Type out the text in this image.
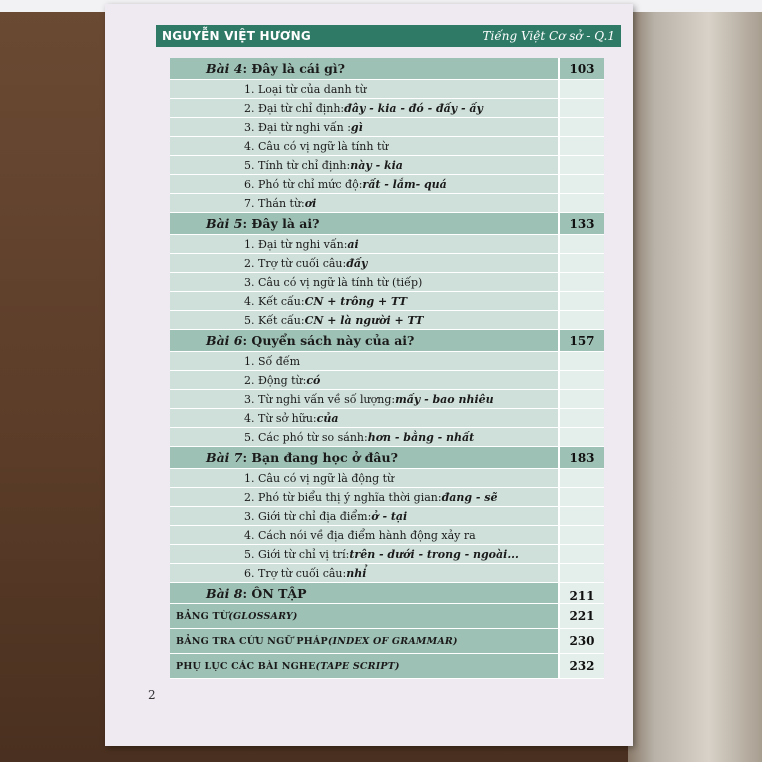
NGUYỄN VIỆT HƯƠNG	Tiếng Việt Cơ sở - Q.1
Bài 4 : Đây là cái gì?	103
1. Loại từ của danh từ
2. Đại từ chỉ định: đây - kia - đó - đấy - ấy
3. Đại từ nghi vấn : gì
4. Câu có vị ngữ là tính từ
5. Tính từ chỉ định: này - kia
6. Phó từ chỉ mức độ: rất - lắm- quá
7. Thán từ: ơi
Bài 5 : Đây là ai?	133
1. Đại từ nghi vấn: ai
2. Trợ từ cuối câu: đấy
3. Câu có vị ngữ là tính từ (tiếp)
4. Kết cấu: CN + trông + TT
5. Kết cấu: CN + là người + TT
Bài 6 : Quyển sách này của ai?	157
1. Số đếm
2. Động từ: có
3. Từ nghi vấn về số lượng: mấy - bao nhiêu
4. Từ sở hữu: của
5. Các phó từ so sánh: hơn - bằng - nhất
Bài 7 : Bạn đang học ở đâu?	183
1. Câu có vị ngữ là động từ
2. Phó từ biểu thị ý nghĩa thời gian: đang - sẽ
3. Giới từ chỉ địa điểm: ở - tại
4. Cách nói về địa điểm hành động xảy ra
5. Giới từ chỉ vị trí: trên - dưới - trong - ngoài...
6. Trợ từ cuối câu: nhỉ
Bài 8 : ÔN TẬP	211
BẢNG TỪ (GLOSSARY)	221
BẢNG TRA CỨU NGỮ PHÁP (INDEX OF GRAMMAR)	230
PHỤ LỤC CÁC BÀI NGHE (TAPE SCRIPT)	232
2
